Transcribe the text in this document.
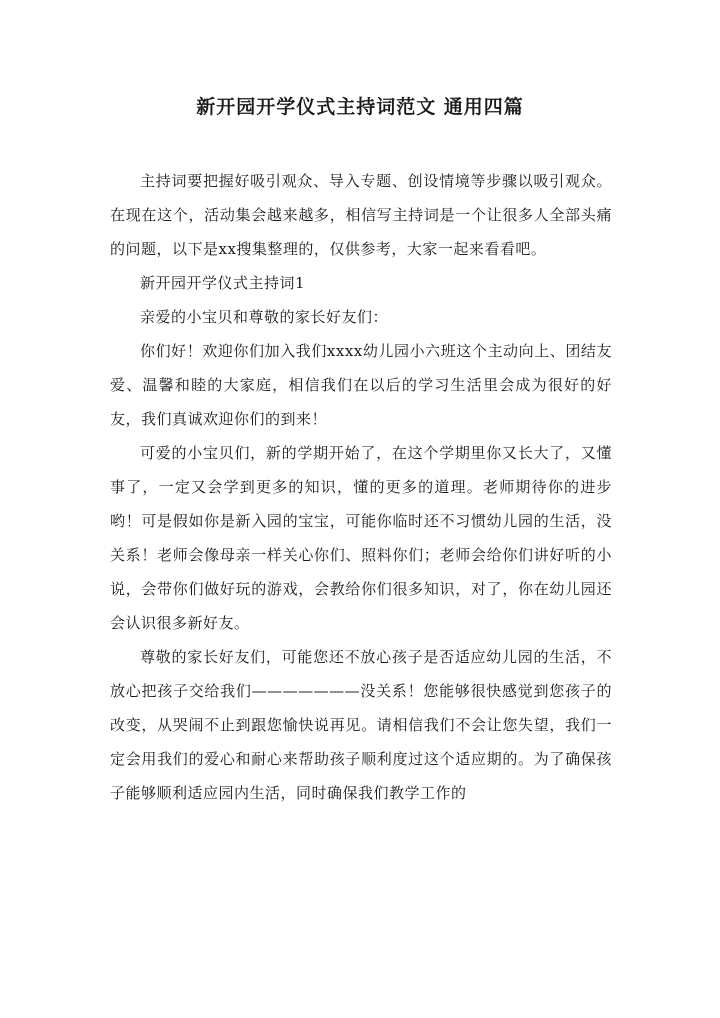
新开园开学仪式主持词范文 通用四篇

主持词要把握好吸引观众、导入专题、创设情境等步骤以吸引观众。在现在这个，活动集会越来越多，相信写主持词是一个让很多人全部头痛的问题，以下是xx搜集整理的，仅供参考，大家一起来看看吧。

新开园开学仪式主持词1

亲爱的小宝贝和尊敬的家长好友们：

你们好！欢迎你们加入我们xxxx幼儿园小六班这个主动向上、团结友爱、温馨和睦的大家庭，相信我们在以后的学习生活里会成为很好的好友，我们真诚欢迎你们的到来！

可爱的小宝贝们，新的学期开始了，在这个学期里你又长大了，又懂事了，一定又会学到更多的知识，懂的更多的道理。老师期待你的进步哟！可是假如你是新入园的宝宝，可能你临时还不习惯幼儿园的生活，没关系！老师会像母亲一样关心你们、照料你们；老师会给你们讲好听的小说，会带你们做好玩的游戏，会教给你们很多知识，对了，你在幼儿园还会认识很多新好友。

尊敬的家长好友们，可能您还不放心孩子是否适应幼儿园的生活，不放心把孩子交给我们———————没关系！您能够很快感觉到您孩子的改变，从哭闹不止到跟您愉快说再见。请相信我们不会让您失望，我们一定会用我们的爱心和耐心来帮助孩子顺利度过这个适应期的。为了确保孩子能够顺利适应园内生活，同时确保我们教学工作的
